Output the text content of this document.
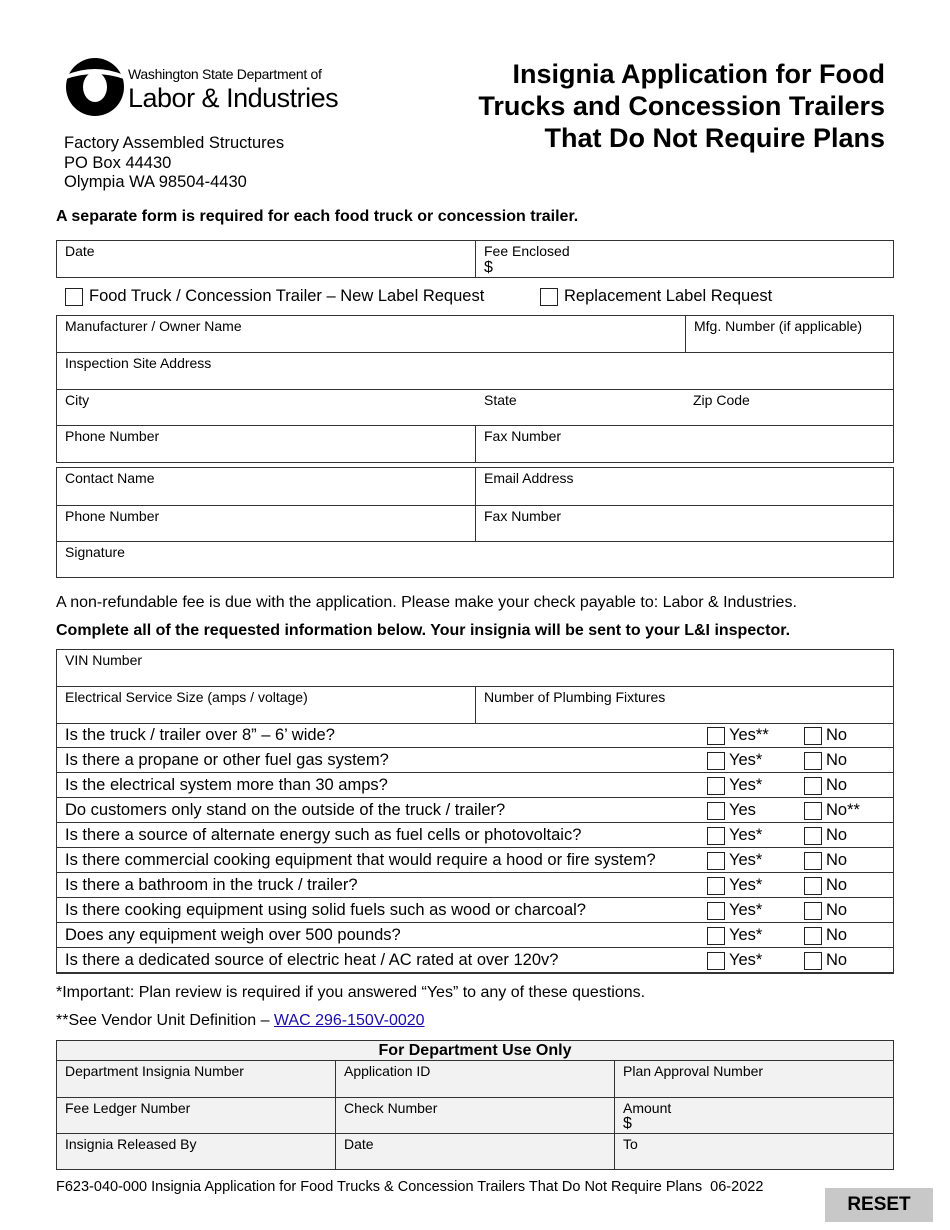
Washington State Department of
Labor & Industries
Factory Assembled Structures
PO Box 44430
Olympia WA 98504-4430
Insignia Application for Food
Trucks and Concession Trailers
That Do Not Require Plans
A separate form is required for each food truck or concession trailer.
Date	Fee Enclosed
$
Food Truck / Concession Trailer – New Label Request	Replacement Label Request
Manufacturer / Owner Name	Mfg. Number (if applicable)
Inspection Site Address
City	State	Zip Code
Phone Number	Fax Number
Contact Name	Email Address
Phone Number	Fax Number
Signature
A non-refundable fee is due with the application. Please make your check payable to: Labor & Industries.
Complete all of the requested information below. Your insignia will be sent to your L&I inspector.
VIN Number
Electrical Service Size (amps / voltage)	Number of Plumbing Fixtures
Is the truck / trailer over 8” – 6’ wide?	Yes**	No
Is there a propane or other fuel gas system?	Yes*	No
Is the electrical system more than 30 amps?	Yes*	No
Do customers only stand on the outside of the truck / trailer?	Yes	No**
Is there a source of alternate energy such as fuel cells or photovoltaic?	Yes*	No
Is there commercial cooking equipment that would require a hood or fire system?	Yes*	No
Is there a bathroom in the truck / trailer?	Yes*	No
Is there cooking equipment using solid fuels such as wood or charcoal?	Yes*	No
Does any equipment weigh over 500 pounds?	Yes*	No
Is there a dedicated source of electric heat / AC rated at over 120v?	Yes*	No
*Important: Plan review is required if you answered “Yes” to any of these questions.
**See Vendor Unit Definition – WAC 296-150V-0020
For Department Use Only
Department Insignia Number	Application ID	Plan Approval Number
Fee Ledger Number	Check Number	Amount
$
Insignia Released By	Date	To
F623-040-000 Insignia Application for Food Trucks & Concession Trailers That Do Not Require Plans  06-2022
RESET
